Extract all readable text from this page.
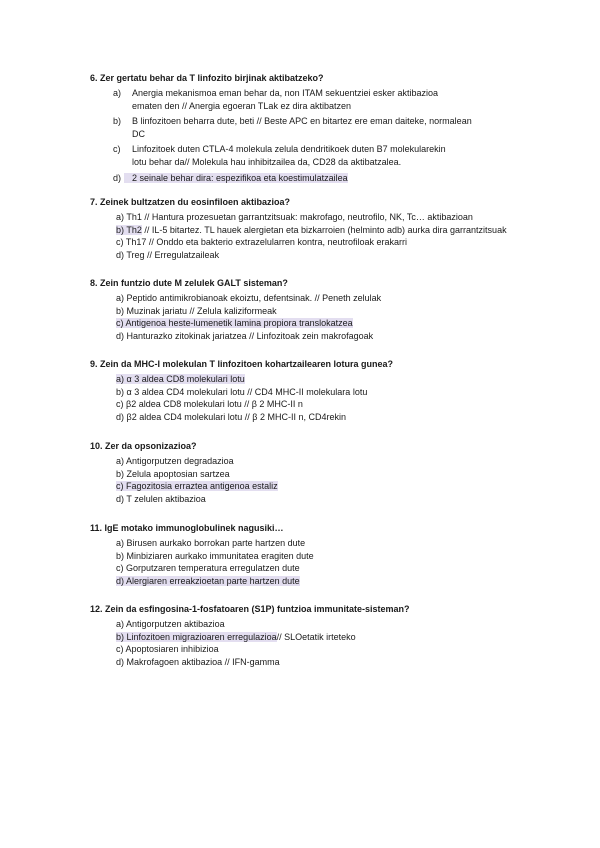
6. Zer gertatu behar da T linfozito birjinak aktibatzeko?
a) Anergia mekanismoa eman behar da, non ITAM sekuentziei esker aktibazioa
ematen den // Anergia egoeran TLak ez dira aktibatzen
b) B linfozitoen beharra dute, beti // Beste APC en bitartez ere eman daiteke, normalean
DC
c) Linfozitoek duten CTLA-4 molekula zelula dendritikoek duten B7 molekularekin
lotu behar da// Molekula hau inhibitzailea da, CD28 da aktibatzalea.
d) 2 seinale behar dira: espezifikoa eta koestimulatzailea
7. Zeinek bultzatzen du eosinfiloen aktibazioa?
a) Th1 // Hantura prozesuetan garrantzitsuak: makrofago, neutrofilo, NK, Tc… aktibazioan
b) Th2 // IL-5 bitartez. TL hauek alergietan eta bizkarroien (helminto adb) aurka dira garrantzitsuak
c) Th17 // Onddo eta bakterio extrazelularren kontra, neutrofiloak erakarri
d) Treg // Erregulatzaileak
8. Zein funtzio dute M zelulek GALT sisteman?
a) Peptido antimikrobianoak ekoiztu, defentsinak. // Peneth zelulak
b) Muzinak jariatu // Zelula kaliziformeak
c) Antigenoa heste-lumenetik lamina propiora translokatzea
d) Hanturazko zitokinak jariatzea // Linfozitoak zein makrofagoak
9. Zein da MHC-I molekulan T linfozitoen kohartzailearen lotura gunea?
a) α 3 aldea CD8 molekulari lotu
b) α 3 aldea CD4 molekulari lotu // CD4 MHC-II molekulara lotu
c) β2 aldea CD8 molekulari lotu // β 2 MHC-II n
d) β2 aldea CD4 molekulari lotu // β 2 MHC-II n, CD4rekin
10. Zer da opsonizazioa?
a) Antigorputzen degradazioa
b) Zelula apoptosian sartzea
c) Fagozitosia erraztea antigenoa estaliz
d) T zelulen aktibazioa
11. IgE motako immunoglobulinek nagusiki…
a) Birusen aurkako borrokan parte hartzen dute
b) Minbiziaren aurkako immunitatea eragiten dute
c) Gorputzaren temperatura erregulatzen dute
d) Alergiaren erreakzioetan parte hartzen dute
12. Zein da esfingosina-1-fosfatoaren (S1P) funtzioa immunitate-sisteman?
a) Antigorputzen aktibazioa
b) Linfozitoen migrazioaren erregulazioa// SLOetatik irteteko
c) Apoptosiaren inhibizioa
d) Makrofagoen aktibazioa // IFN-gamma
